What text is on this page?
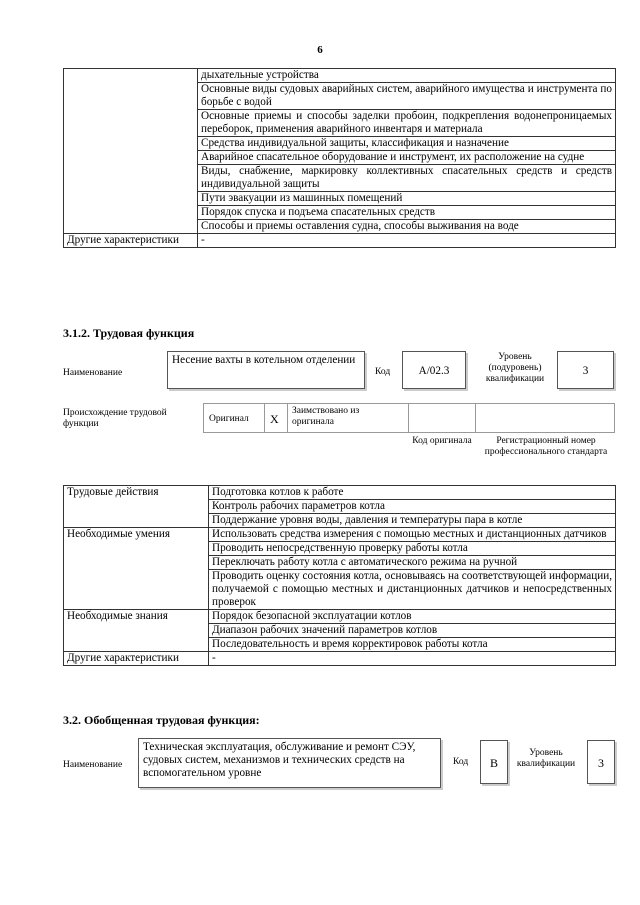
6
	дыхательные устройства
	Основные виды судовых аварийных систем, аварийного имущества и инструмента по борьбе с водой
	Основные приемы и способы заделки пробоин, подкрепления водонепроницаемых переборок, применения аварийного инвентаря и материала
	Средства индивидуальной защиты, классификация и назначение
	Аварийное спасательное оборудование и инструмент, их расположение на судне
	Виды, снабжение, маркировку коллективных спасательных средств и средств индивидуальной защиты
	Пути эвакуации из машинных помещений
	Порядок спуска и подъема спасательных средств
	Способы и приемы оставления судна, способы выживания на воде
Другие характеристики	-
3.1.2. Трудовая функция
Наименование
Несение вахты в котельном отделении
Код	А/02.3
Уровень (подуровень) квалификации
3
Происхождение трудовой функции	Оригинал X
Заимствовано из оригинала
Код оригинала	Регистрационный номер профессионального стандарта
Трудовые действия	Подготовка котлов к работе
	Контроль рабочих параметров котла
	Поддержание уровня воды, давления и температуры пара в котле
Необходимые умения	Использовать средства измерения с помощью местных и дистанционных датчиков
	Проводить непосредственную проверку работы котла
	Переключать работу котла с автоматического режима на ручной
	Проводить оценку состояния котла, основываясь на соответствующей информации, получаемой с помощью местных и дистанционных датчиков и непосредственных проверок
Необходимые знания	Порядок безопасной эксплуатации котлов
	Диапазон рабочих значений параметров котлов
	Последовательность и время корректировок работы котла
Другие характеристики	-
3.2. Обобщенная трудовая функция:
Наименование
Техническая эксплуатация, обслуживание и ремонт СЭУ, судовых систем, механизмов и технических средств на вспомогательном уровне
Код	В
Уровень квалификации	3
